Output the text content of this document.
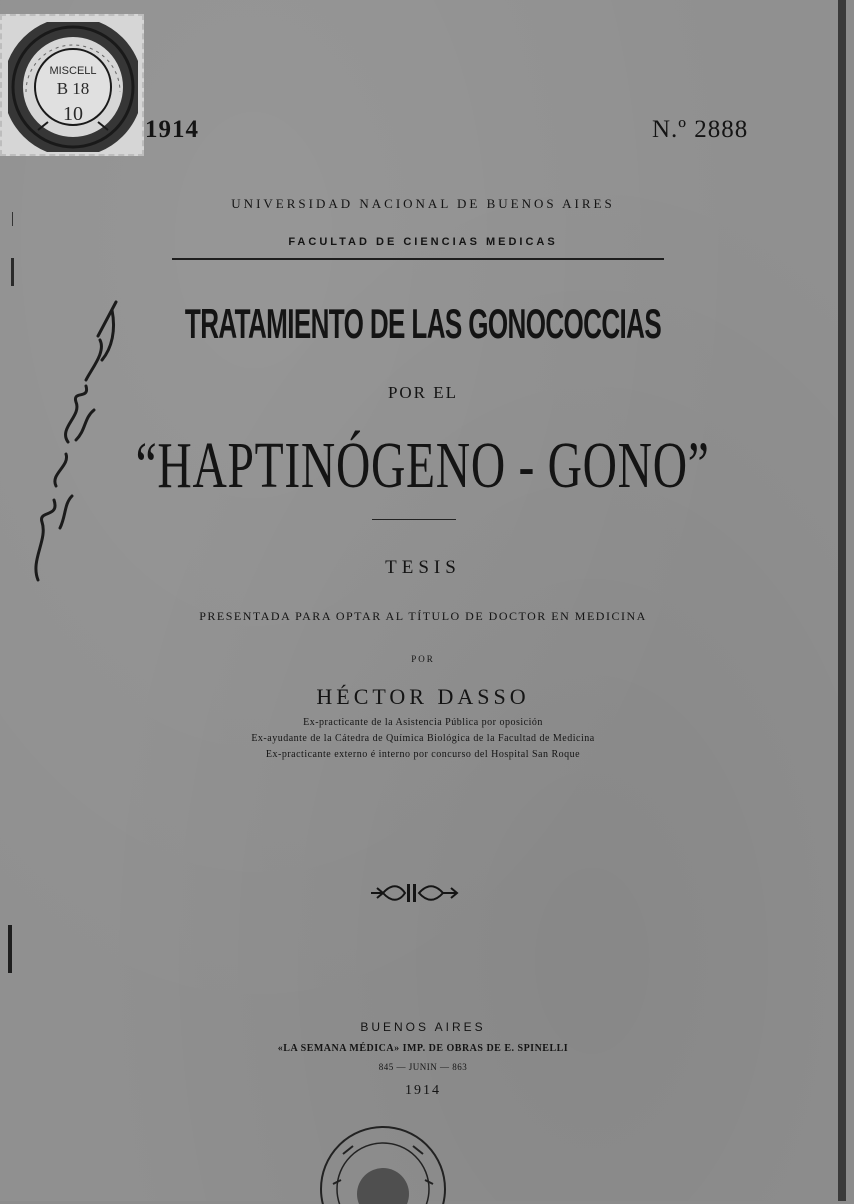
MISCELL
B 18
10
1914	N.º 2888
UNIVERSIDAD NACIONAL DE BUENOS AIRES
FACULTAD DE CIENCIAS MEDICAS
TRATAMIENTO DE LAS GONOCOCCIAS
POR EL
“HAPTINÓGENO - GONO”
TESIS
PRESENTADA PARA OPTAR AL TÍTULO DE DOCTOR EN MEDICINA
POR
HÉCTOR DASSO
Ex-practicante de la Asistencia Pública por oposición
Ex-ayudante de la Cátedra de Química Biológica de la Facultad de Medicina
Ex-practicante externo é interno por concurso del Hospital San Roque
BUENOS AIRES
«LA SEMANA MÉDICA» IMP. DE OBRAS DE E. SPINELLI
845 — JUNIN — 863
1914
